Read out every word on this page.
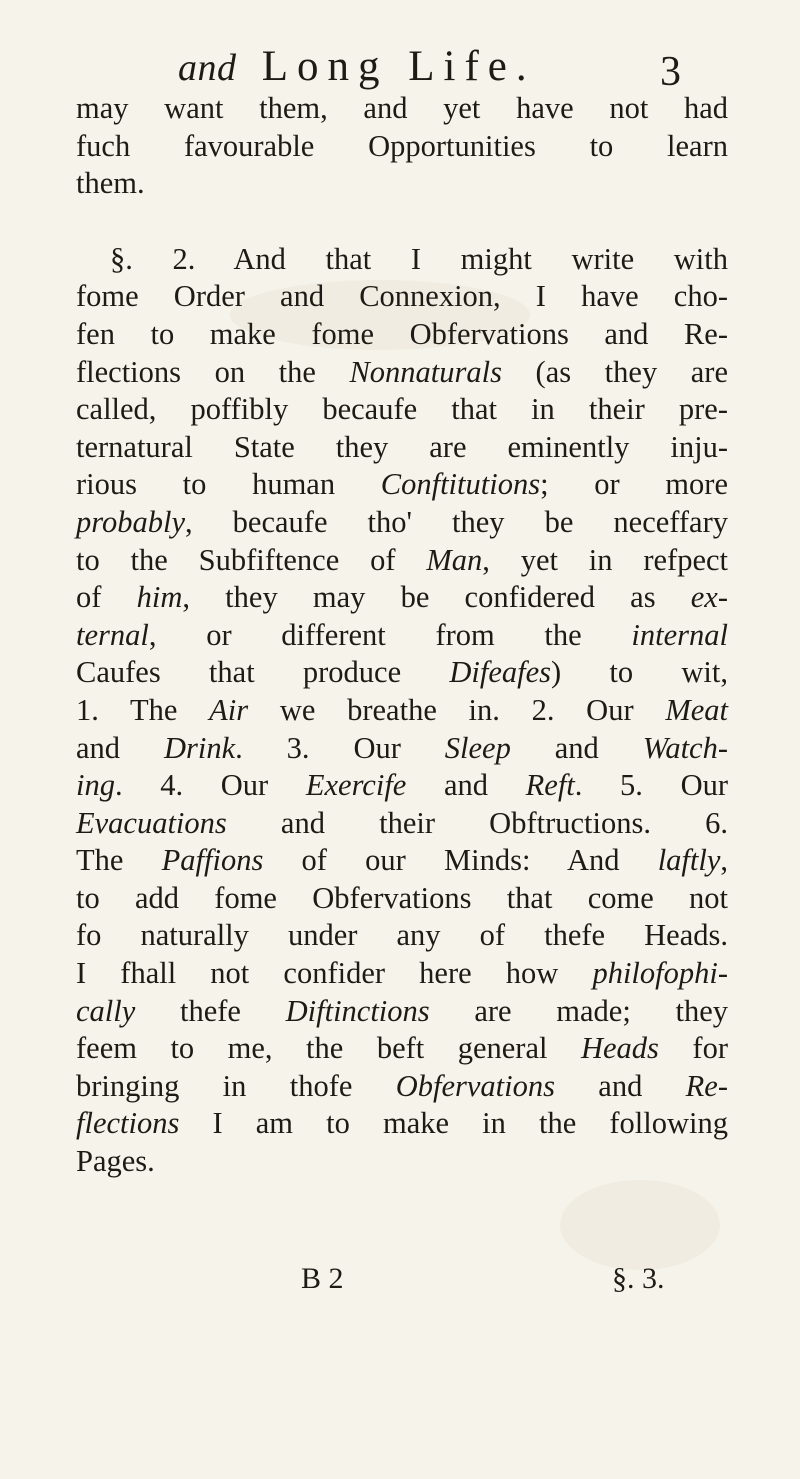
and Long Life.	3
may want them, and yet have not had
fuch favourable Opportunities to learn
them.
§. 2. And that I might write with
fome Order and Connexion, I have cho-
fen to make fome Obfervations and Re-
flections on the Nonnaturals (as they are
called, poffibly becaufe that in their pre-
ternatural State they are eminently inju-
rious to human Conftitutions; or more
probably, becaufe tho' they be neceffary
to the Subfiftence of Man, yet in refpect
of him, they may be confidered as ex-
ternal, or different from the internal
Caufes that produce Difeafes) to wit,
1. The Air we breathe in. 2. Our Meat
and Drink. 3. Our Sleep and Watch-
ing. 4. Our Exercife and Reft. 5. Our
Evacuations and their Obftructions. 6.
The Paffions of our Minds: And laftly,
to add fome Obfervations that come not
fo naturally under any of thefe Heads.
I fhall not confider here how philofophi-
cally thefe Diftinctions are made; they
feem to me, the beft general Heads for
bringing in thofe Obfervations and Re-
flections I am to make in the following
Pages.
B 2	§. 3.
